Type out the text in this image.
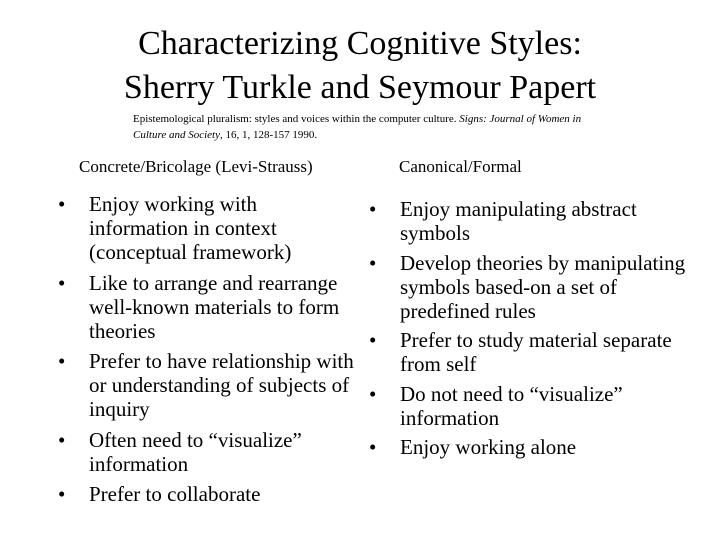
Characterizing Cognitive Styles:
Sherry Turkle and Seymour Papert
Epistemological pluralism: styles and voices within the computer culture. Signs: Journal of Women in Culture and Society, 16, 1, 128-157 1990.
Concrete/Bricolage (Levi-Strauss)	Canonical/Formal
• Enjoy working with information in context (conceptual framework)
• Like to arrange and rearrange well-known materials to form theories
• Prefer to have relationship with or understanding of subjects of inquiry
• Often need to “visualize” information
• Prefer to collaborate
• Enjoy manipulating abstract symbols
• Develop theories by manipulating symbols based-on a set of predefined rules
• Prefer to study material separate from self
• Do not need to “visualize” information
• Enjoy working alone
